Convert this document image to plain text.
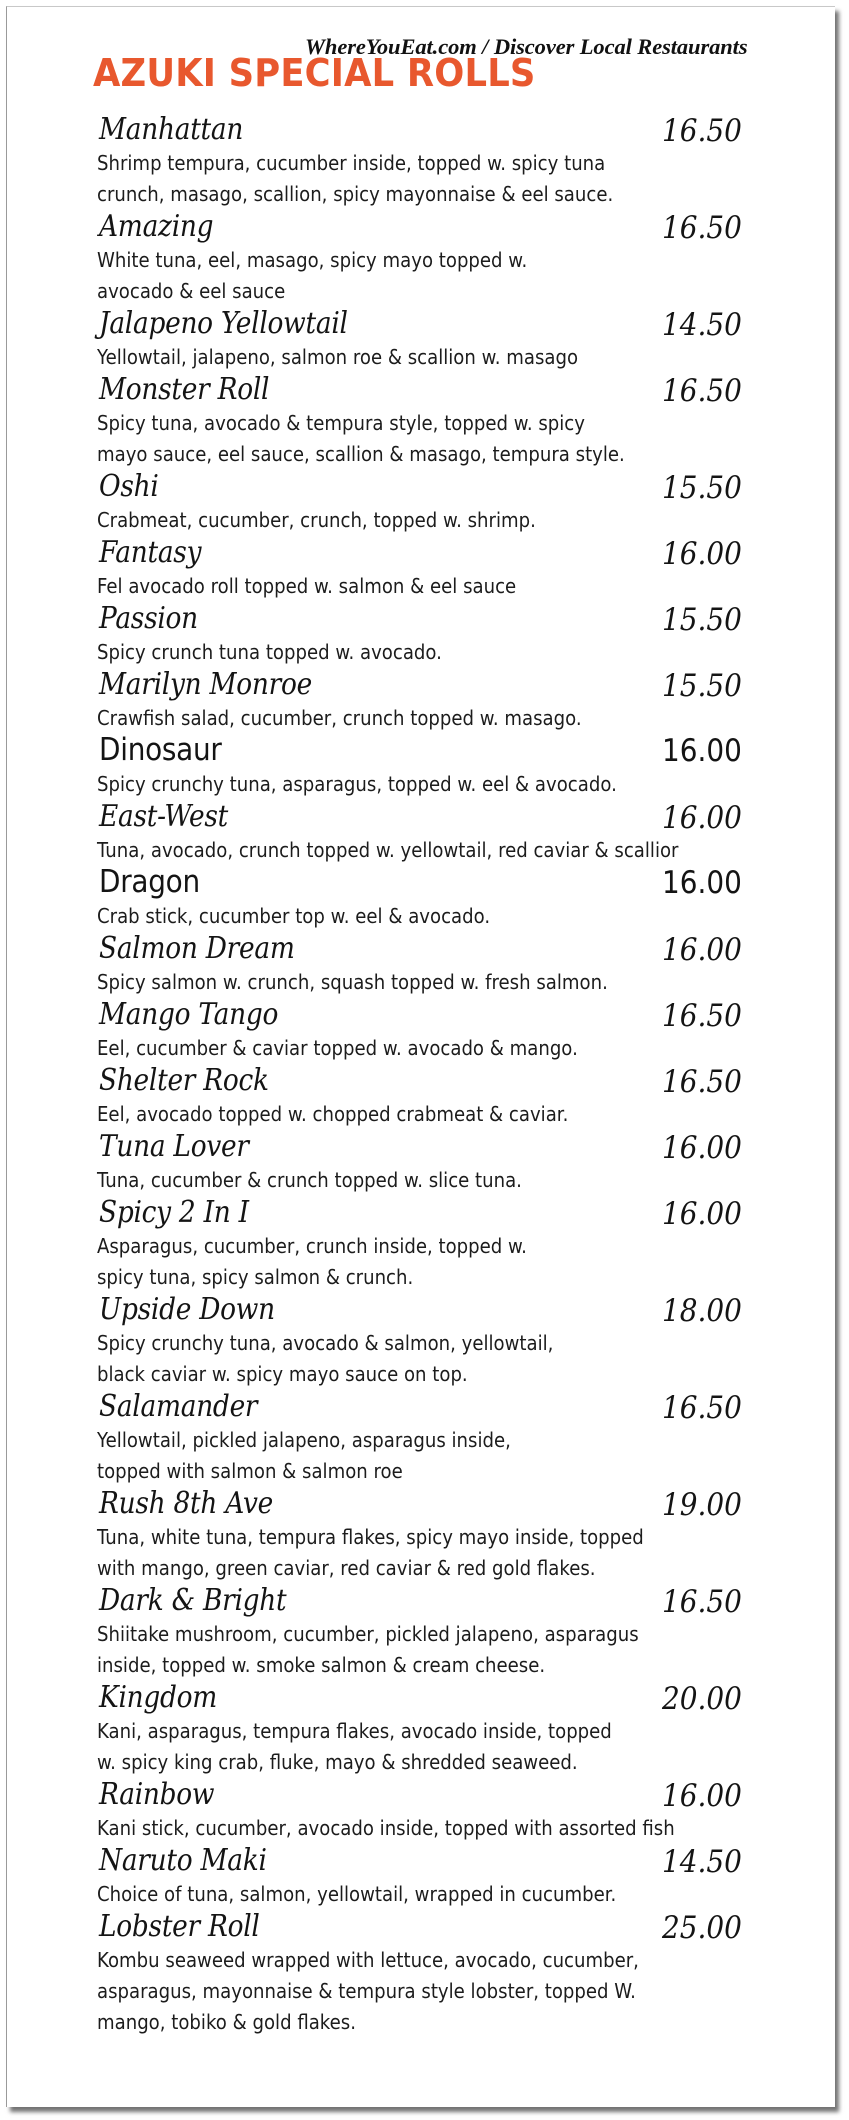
WhereYouEat.com / Discover Local Restaurants
AZUKI SPECIAL ROLLS
Manhattan	16.50
Shrimp tempura, cucumber inside, topped w. spicy tuna
crunch, masago, scallion, spicy mayonnaise & eel sauce.
Amazing	16.50
White tuna, eel, masago, spicy mayo topped w.
avocado & eel sauce
Jalapeno Yellowtail	14.50
Yellowtail, jalapeno, salmon roe & scallion w. masago
Monster Roll	16.50
Spicy tuna, avocado & tempura style, topped w. spicy
mayo sauce, eel sauce, scallion & masago, tempura style.
Oshi	15.50
Crabmeat, cucumber, crunch, topped w. shrimp.
Fantasy	16.00
Fel avocado roll topped w. salmon & eel sauce
Passion	15.50
Spicy crunch tuna topped w. avocado.
Marilyn Monroe	15.50
Crawfish salad, cucumber, crunch topped w. masago.
Dinosaur	16.00
Spicy crunchy tuna, asparagus, topped w. eel & avocado.
East-West	16.00
Tuna, avocado, crunch topped w. yellowtail, red caviar & scallior
Dragon	16.00
Crab stick, cucumber top w. eel & avocado.
Salmon Dream	16.00
Spicy salmon w. crunch, squash topped w. fresh salmon.
Mango Tango	16.50
Eel, cucumber & caviar topped w. avocado & mango.
Shelter Rock	16.50
Eel, avocado topped w. chopped crabmeat & caviar.
Tuna Lover	16.00
Tuna, cucumber & crunch topped w. slice tuna.
Spicy 2 In I	16.00
Asparagus, cucumber, crunch inside, topped w.
spicy tuna, spicy salmon & crunch.
Upside Down	18.00
Spicy crunchy tuna, avocado & salmon, yellowtail,
black caviar w. spicy mayo sauce on top.
Salamander	16.50
Yellowtail, pickled jalapeno, asparagus inside,
topped with salmon & salmon roe
Rush 8th Ave	19.00
Tuna, white tuna, tempura flakes, spicy mayo inside, topped
with mango, green caviar, red caviar & red gold flakes.
Dark & Bright	16.50
Shiitake mushroom, cucumber, pickled jalapeno, asparagus
inside, topped w. smoke salmon & cream cheese.
Kingdom	20.00
Kani, asparagus, tempura flakes, avocado inside, topped
w. spicy king crab, fluke, mayo & shredded seaweed.
Rainbow	16.00
Kani stick, cucumber, avocado inside, topped with assorted fish
Naruto Maki	14.50
Choice of tuna, salmon, yellowtail, wrapped in cucumber.
Lobster Roll	25.00
Kombu seaweed wrapped with lettuce, avocado, cucumber,
asparagus, mayonnaise & tempura style lobster, topped W.
mango, tobiko & gold flakes.
